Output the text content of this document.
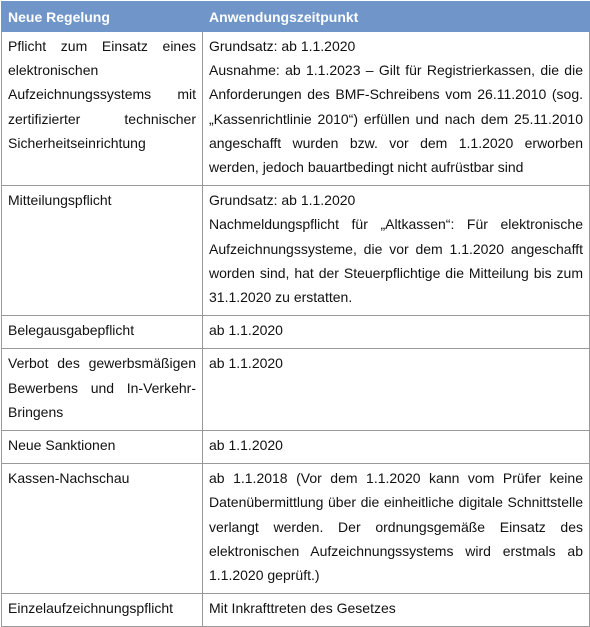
Neue Regelung	Anwendungszeitpunkt
Pflicht zum Einsatz eines elektronischen Aufzeichnungssystems mit zertifizierter technischer Sicherheitseinrichtung	Grundsatz: ab 1.1.2020
Ausnahme: ab 1.1.2023 – Gilt für Registrierkassen, die die Anforderungen des BMF-Schreibens vom 26.11.2010 (sog. „Kassenrichtlinie 2010“) erfüllen und nach dem 25.11.2010 angeschafft wurden bzw. vor dem 1.1.2020 erworben werden, jedoch bauartbedingt nicht aufrüstbar sind

Mitteilungspflicht	Grundsatz: ab 1.1.2020
Nachmeldungspflicht für „Altkassen“: Für elektronische Aufzeichnungssysteme, die vor dem 1.1.2020 angeschafft worden sind, hat der Steuerpflichtige die Mitteilung bis zum 31.1.2020 zu erstatten.

Belegausgabepflicht	ab 1.1.2020

Verbot des gewerbsmäßigen Bewerbens und In-Verkehr-Bringens	ab 1.1.2020

Neue Sanktionen	ab 1.1.2020

Kassen-Nachschau	ab 1.1.2018 (Vor dem 1.1.2020 kann vom Prüfer keine Datenübermittlung über die einheitliche digitale Schnittstelle verlangt werden. Der ordnungsgemäße Einsatz des elektronischen Aufzeichnungssystems wird erstmals ab 1.1.2020 geprüft.)

Einzelaufzeichnungspflicht	Mit Inkrafttreten des Gesetzes
